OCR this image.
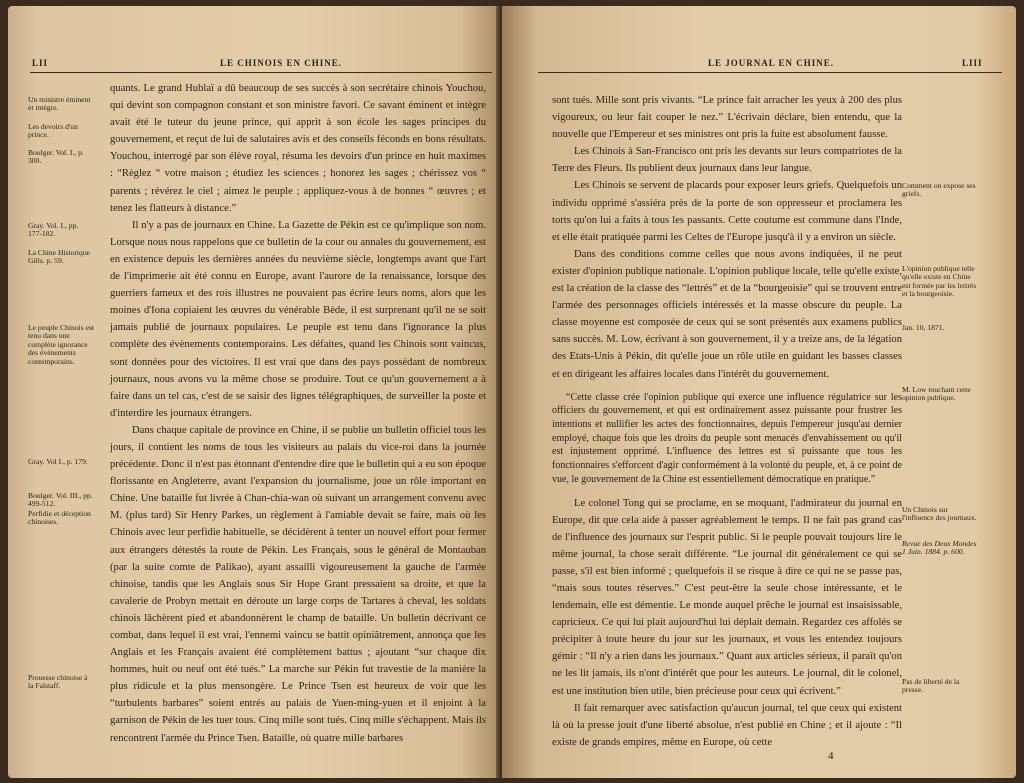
LII	LE CHINOIS EN CHINE.
Un ministre éminent et intègre.
Les devoirs d'un prince.
Boulger. Vol. I., p. 300.
Gray. Vol. I., pp. 177-182.
La Chine Historique Gills. p. 59.
Le peuple Chinois est tenu dans une complète ignorance des évènements contemporains.
Gray. Vol I., p. 179.
Boulger. Vol. III., pp. 499-512.
Perfidie et déception chinoises.
Prouesse chinoise à la Falstaff.

quants. Le grand Hublaï a dû beaucoup de ses succès à son secrétaire chinois Youchou, qui devint son compagnon constant et son ministre favori. Ce savant éminent et intègre avait été le tuteur du jeune prince, qui apprit à son école les sages principes du gouvernement, et reçut de lui de salutaires avis et des conseils féconds en bons résultats. Youchou, interrogé par son élève royal, résuma les devoirs d'un prince en huit maximes : “Règlez “ votre maison ; étudiez les sciences ; honorez les sages ; chérissez vos “ parents ; révérez le ciel ; aimez le peuple ; appliquez-vous à de bonnes “ œuvres ; et tenez les flatteurs à distance.”

Il n'y a pas de journaux en Chine. La Gazette de Pékin est ce qu'implique son nom. Lorsque nous nous rappelons que ce bulletin de la cour ou annales du gouvernement, est en existence depuis les dernières années du neuvième siècle, longtemps avant que l'art de l'imprimerie ait été connu en Europe, avant l'aurore de la renaissance, lorsque des guerriers fameux et des rois illustres ne pouvaient pas écrire leurs noms, alors que les moines d'Iona copiaient les œuvres du vénérable Bède, il est surprenant qu'il ne se soit jamais publié de journaux populaires. Le peuple est tenu dans l'ignorance la plus complète des évènements contemporains. Les défaites, quand les Chinois sont vaincus, sont données pour des victoires. Il est vrai que dans des pays possédant de nombreux journaux, nous avons vu la même chose se produire. Tout ce qu'un gouvernement a à faire dans un tel cas, c'est de se saisir des lignes télégraphiques, de surveiller la poste et d'interdire les journaux étrangers.

Dans chaque capitale de province en Chine, il se publie un bulletin officiel tous les jours, il contient les noms de tous les visiteurs au palais du vice-roi dans la journée précédente. Donc il n'est pas étonnant d'entendre dire que le bulletin qui a eu son époque florissante en Angleterre, avant l'expansion du journalisme, joue un rôle important en Chine. Une bataille fut livrée à Chan-chia-wan où suivant un arrangement convenu avec M. (plus tard) Sir Henry Parkes, un règlement à l'amiable devait se faire, mais où les Chinois avec leur perfidie habituelle, se décidèrent à tenter un nouvel effort pour fermer aux étrangers détestés la route de Pékin. Les Français, sous le général de Montauban (par la suite comte de Palikao), ayant assailli vigoureusement la gauche de l'armée chinoise, tandis que les Anglais sous Sir Hope Grant pressaient sa droite, et que la cavalerie de Probyn mettait en déroute un large corps de Tartares à cheval, les soldats chinois lâchèrent pied et abandonnèrent le champ de bataille. Un bulletin décrivant ce combat, dans lequel il est vrai, l'ennemi vaincu se battit opiniâtrement, annonça que les Anglais et les Français avaient été complètement battus ; ajoutant “sur chaque dix hommes, huit ou neuf ont été tués.” La marche sur Pékin fut travestie de la manière la plus ridicule et la plus mensongère. Le Prince Tsen est heureux de voir que les “turbulents barbares” soient entrés au palais de Yuen-ming-yuen et il enjoint à la garnison de Pékin de les tuer tous. Cinq mille sont tués. Cinq mille s'échappent. Mais ils rencontrent l'armée du Prince Tsen. Bataille, où quatre mille barbares

LE JOURNAL EN CHINE.	LIII

sont tués. Mille sont pris vivants. “Le prince fait arracher les yeux à 200 des plus vigoureux, ou leur fait couper le nez.” L'écrivain déclare, bien entendu, que la nouvelle que l'Empereur et ses ministres ont pris la fuite est absolument fausse.

Les Chinois à San-Francisco ont pris les devants sur leurs compatriotes de la Terre des Fleurs. Ils publient deux journaux dans leur langue.

Les Chinois se servent de placards pour exposer leurs griefs. Quelquefois un individu opprimé s'assiéra près de la porte de son oppresseur et proclamera les torts qu'on lui a faits à tous les passants. Cette coutume est commune dans l'Inde, et elle était pratiquée parmi les Celtes de l'Europe jusqu'à il y a environ un siècle.

Dans des conditions comme celles que nous avons indiquées, il ne peut exister d'opinion publique nationale. L'opinion publique locale, telle qu'elle existe, est la création de la classe des “lettrés” et de la “bourgeoisie” qui se trouvent entre l'armée des personnages officiels intéressés et la masse obscure du peuple. La classe moyenne est composée de ceux qui se sont présentés aux examens publics sans succès. M. Low, écrivant à son gouvernement, il y a treize ans, de la légation des Etats-Unis à Pékin, dit qu'elle joue un rôle utile en guidant les basses classes et en dirigeant les affaires locales dans l'intérêt du gouvernement.

“Cette classe crée l'opinion publique qui exerce une influence régulatrice sur les officiers du gouvernement, et qui est ordinairement assez puissante pour frustrer les intentions et nullifier les actes des fonctionnaires, depuis l'empereur jusqu'au dernier employé, chaque fois que les droits du peuple sont menacés d'envahissement ou qu'il est injustement opprimé. L'influence des lettres est si puissante que tous les fonctionnaires s'efforcent d'agir conformément à la volonté du peuple, et, à ce point de vue, le gouvernement de la Chine est essentiellement démocratique en pratique.”

Le colonel Tong qui se proclame, en se moquant, l'admirateur du journal en Europe, dit que cela aide à passer agréablement le temps. Il ne fait pas grand cas de l'influence des journaux sur l'esprit public. Si le peuple pouvait toujours lire le même journal, la chose serait différente. “Le journal dit généralement ce qui se passe, s'il est bien informé ; quelquefois il se risque à dire ce qui ne se passe pas, “mais sous toutes réserves.” C'est peut-être la seule chose intéressante, et le lendemain, elle est démentie. Le monde auquel prêche le journal est insaisissable, capricieux. Ce qui lui plait aujourd'hui lui déplait demain. Regardez ces affolés se précipiter à toute heure du jour sur les journaux, et vous les entendez toujours gémir : “Il n'y a rien dans les journaux.” Quant aux articles sérieux, il paraît qu'on ne les lit jamais, ils n'ont d'intérêt que pour les auteurs. Le journal, dit le colonel, est une institution bien utile, bien précieuse pour ceux qui écrivent.”

Il fait remarquer avec satisfaction qu'aucun journal, tel que ceux qui existent là où la presse jouit d'une liberté absolue, n'est publié en Chine ; et il ajoute : “Il existe de grands empires, même en Europe, où cette

Comment on expose ses griefs.
L'opinion publique telle qu'elle existe en Chine est formée par les lettrés et la bourgeoisie.
Jan. 10, 1871.
M. Low touchant cette opinion publique.
Un Chinois sur l'influence des journaux.
Revue des Deux Mondes 1 Juin. 1884. p. 600.
Pas de liberté de la presse.
4
